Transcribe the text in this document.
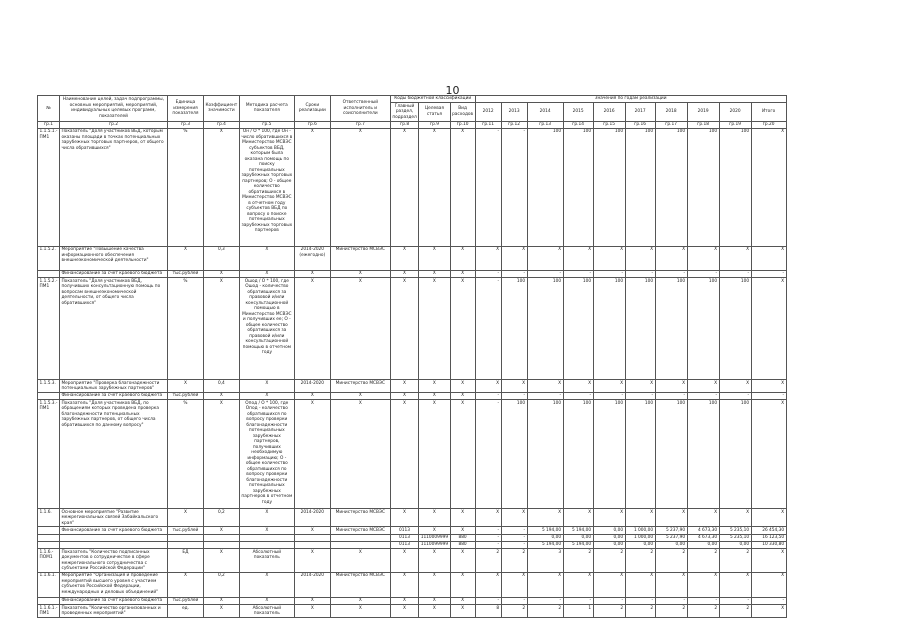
10
№	Наименование целей, задач подпрограммы, основных мероприятий, мероприятий, индивидуальных целевых программ, показателей	Единица измерения показателя	Коэффициент значимости	Методика расчета показателя	Сроки реализации	Ответственный исполнитель и соисполнители	Коды бюджетной классификации			Значения по годам реализации									
							Главный раздел, подраздел	Целевая статья	Вид расходов	2012	2013	2014	2015	2016	2017	2018	2019	2020	Итого
гр.1	гр.2	гр.3	гр.4	гр.5	гр.6	гр.7	гр.8	гр.9	гр.10	гр.11	гр.12	гр.13	гр.14	гр.15	гр.16	гр.17	гр.18	гр.19	гр.20
1.1.5.1.-ПМ1	Показатель "Доля участников ВБД, которым оказаны площади в точках потенциальных зарубежных торговых партнеров, от общего числа обратившихся"	%	X	Он / О * 100, где Он - число обратившихся в Министерство МСВЭС субъектов ВБД, которым была оказана помощь по поиску потенциальных зарубежных торговых партнеров; О - общее количество обратившихся в Министерство МСВЭС в отчетном году субъектов ВБД по вопросу о поиске потенциальных зарубежных торговых партнеров	X	X	X	X	X	-	-	100	100	100	100	100	100	100	X
1.1.5.2.	Мероприятие "Повышение качества информационного обеспечения внешнеэкономической деятельности"	X	0,3	X	2014-2020 (ежегодно)	Министерство МСВЭС	X	X	X	X	X	X	X	X	X	X	X	X	X
	Финансирование за счет краевого бюджета	тыс.рублей	X	X	X	X	X	X	X	-	-	-	-	-	-	-	-	-	-
1.1.5.2.-ПМ1	Показатель "Доля участников ВБД, получивших консультационную помощь по вопросам внешнеэкономической деятельности, от общего числа обратившихся"	%	X	Ошод / О * 100, где Ошод - количество обратившихся за правовой и/или консультационной помощью в Министерство МСВЭС и получивших ее; О - общее количество обратившихся за правовой и/или консультационной помощью в отчетном году	X	X	X	X	X	-	100	100	100	100	100	100	100	100	X
1.1.5.3.	Мероприятие "Проверка благонадежности потенциальных зарубежных партнеров"	X	0,4	X	2014-2020	Министерство МСВЭС	X	X	X	X	X	X	X	X	X	X	X	X	X
	Финансирование за счет краевого бюджета	тыс.рублей	X	X	X	X	X	X	X	-	-	-	-	-	-	-	-	-	-
1.1.5.3.-ПМ1	Показатель "Доля участников ВБД, по обращениям которых проведена проверка благонадежности потенциальных зарубежных партнеров, от общего числа обратившихся по данному вопросу"	%	X	Опод / О * 100, где Опод - количество обратившихся по вопросу проверки благонадежности потенциальных зарубежных партнеров, получивших необходимую информацию; О - общее количество обратившихся по вопросу проверки благонадежности потенциальных зарубежных партнеров в отчетном году	X	X	X	X	X	-	100	100	100	100	100	100	100	100	X
1.1.6.	Основное мероприятие "Развитие межрегиональных связей Забайкальского края"	X	0,2	X	2014-2020	Министерство МСВЭС	X	X	X	X	X	X	X	X	X	X	X	X	X
	Финансирование за счет краевого бюджета	тыс.рублей	X	X	X	Министерство МСВЭС	0113	X	X	-	-	5 194,00	5 194,00	0,00	1 000,00	5 237,90	4 673,30	5 235,10	26 454,30
							0113	1110009999	880	-	-	0,00	0,00	0,00	1 000,00	5 237,90	4 673,30	5 235,10	16 123,50
							0113	1110099999	880	-	-	5 194,00	5 194,00	0,00	0,00	0,00	0,00	0,00	10 330,80
1.1.6.-ПОМ1	Показатель "Количество подписанных документов о сотрудничестве в сфере межрегионального сотрудничества с субъектами Российской Федерации"	ЕД	X	Абсолютный показатель	X	X	X	X	X	2	2	3	2	2	2	2	2	2	X
1.1.6.1.	Мероприятие "Организация и проведение мероприятий высшего уровня с участием субъектов Российской Федерации, международных и деловых объединений"	X	0,2	X	2014-2020	Министерство МСВЭС	X	X	X	X	X	X	X	X	X	X	X	X	X
	Финансирование за счет краевого бюджета	тыс.рублей	X	X	X	X	X	X	X	-	-	-	-	-	-	-	-	-	-
1.1.6.1.-ПМ1	Показатель "Количество организованных и проведенных мероприятий"	ед.	X	Абсолютный показатель	X	X	X	X	X	8	2	2	1	2	2	2	2	2	X
